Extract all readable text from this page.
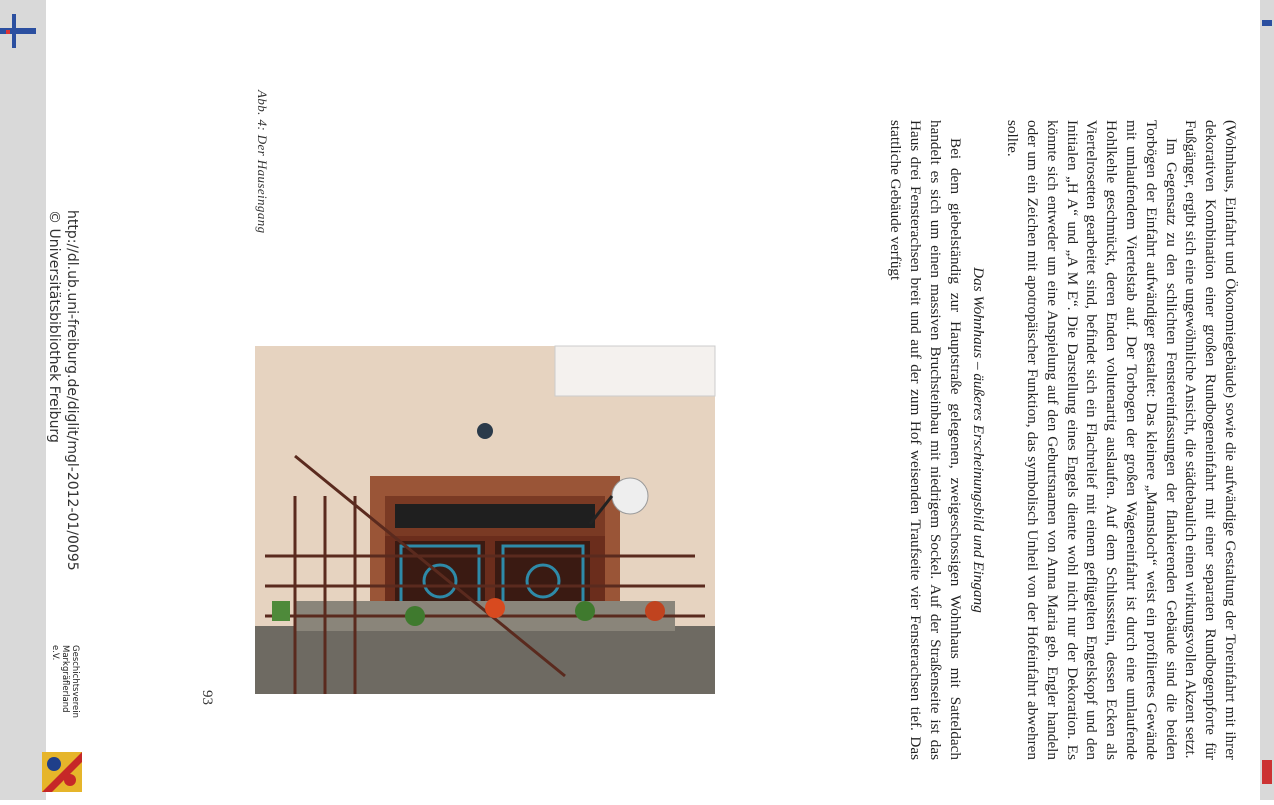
(Wohnhaus, Einfahrt und Ökonomiegebäude) sowie die aufwändige Gestaltung der Toreinfahrt mit ihrer dekorativen Kombination einer großen Rundbogeneinfahrt mit einer separaten Rundbogenpforte für Fußgänger, ergibt sich eine ungewöhnliche Ansicht, die städtebaulich einen wirkungsvollen Akzent setzt.

Im Gegensatz zu den schlichten Fenstereinfassungen der flankierenden Gebäude sind die beiden Torbögen der Einfahrt aufwändiger gestaltet: Das kleinere „Mannsloch“ weist ein profiliertes Gewände mit umlaufendem Viertelstab auf. Der Torbogen der großen Wageneinfahrt ist durch eine umlaufende Hohlkehle geschmückt, deren Enden volutenartig auslaufen. Auf dem Schlussstein, dessen Ecken als Viertelrosetten gearbeitet sind, befindet sich ein Flachrelief mit einem geflügelten Engelskopf und den Initialen „H A“ und „A M E“. Die Darstellung eines Engels diente wohl nicht nur der Dekoration. Es könnte sich entweder um eine Anspielung auf den Geburtsnamen von Anna Maria geb. Engler handeln oder um ein Zeichen mit apotropäischer Funktion, das symbolisch Unheil von der Hofeinfahrt abwehren sollte.

Das Wohnhaus – äußeres Erscheinungsbild und Eingang

Bei dem giebelständig zur Hauptstraße gelegenen, zweigeschossigen Wohnhaus mit Satteldach handelt es sich um einen massiven Bruchsteinbau mit niedrigem Sockel. Auf der Straßenseite ist das Haus drei Fensterachsen breit und auf der zum Hof weisenden Traufseite vier Fensterachsen tief. Das stattliche Gebäude verfügt

Abb. 4: Der Hauseingang
93
http://dl.ub.uni-freiburg.de/diglit/mgl-2012-01/0095
© Universitätsbibliothek Freiburg
Geschichtsverein
Markgräflerland e.V.
